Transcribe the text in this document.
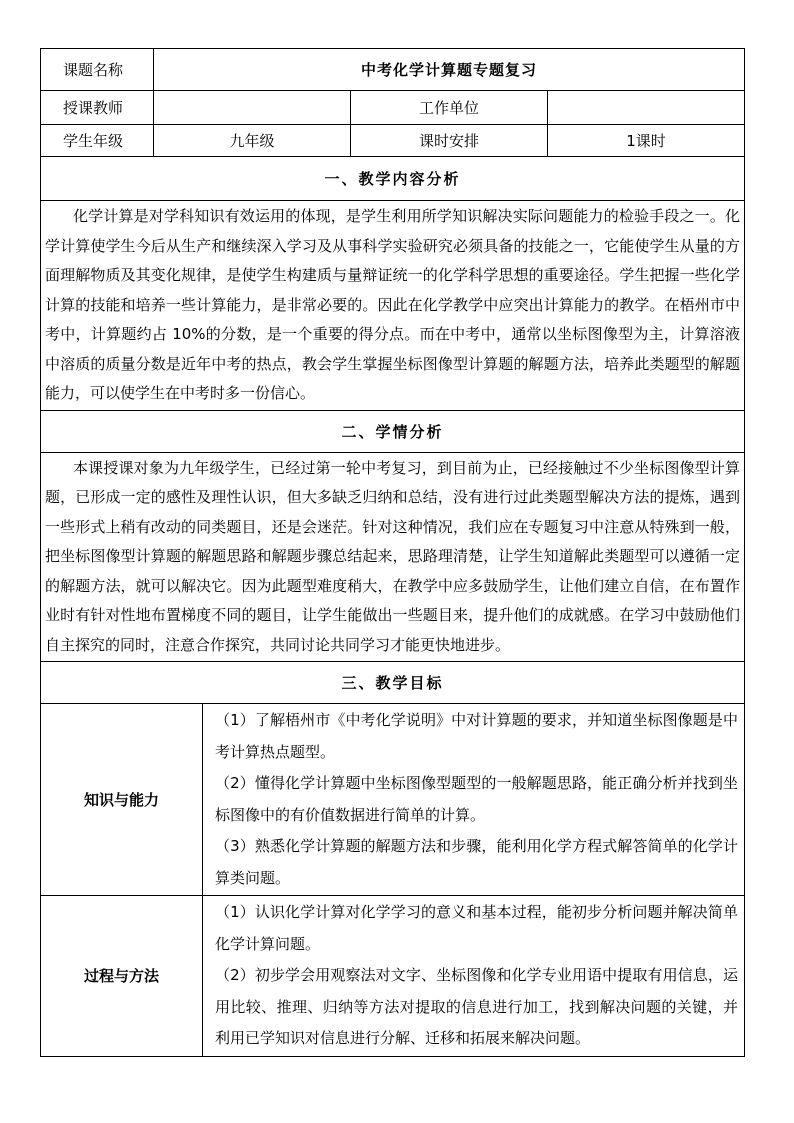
课题名称	中考化学计算题专题复习		
授课教师		工作单位	
学生年级	九年级	课时安排	1课时
一、教学内容分析			
化学计算是对学科知识有效运用的体现，是学生利用所学知识解决实际问题能力的检验手段之一。化学计算使学生今后从生产和继续深入学习及从事科学实验研究必须具备的技能之一，它能使学生从量的方面理解物质及其变化规律，是使学生构建质与量辩证统一的化学科学思想的重要途径。学生把握一些化学计算的技能和培养一些计算能力，是非常必要的。因此在化学教学中应突出计算能力的教学。在梧州市中考中，计算题约占 10%的分数，是一个重要的得分点。而在中考中，通常以坐标图像型为主，计算溶液中溶质的质量分数是近年中考的热点，教会学生掌握坐标图像型计算题的解题方法，培养此类题型的解题能力，可以使学生在中考时多一份信心。			
二、学情分析			
本课授课对象为九年级学生，已经过第一轮中考复习，到目前为止，已经接触过不少坐标图像型计算题，已形成一定的感性及理性认识，但大多缺乏归纳和总结，没有进行过此类题型解决方法的提炼，遇到一些形式上稍有改动的同类题目，还是会迷茫。针对这种情况，我们应在专题复习中注意从特殊到一般，把坐标图像型计算题的解题思路和解题步骤总结起来，思路理清楚，让学生知道解此类题型可以遵循一定的解题方法，就可以解决它。因为此题型难度稍大，在教学中应多鼓励学生，让他们建立自信，在布置作业时有针对性地布置梯度不同的题目，让学生能做出一些题目来，提升他们的成就感。在学习中鼓励他们自主探究的同时，注意合作探究，共同讨论共同学习才能更快地进步。			
三、教学目标			
知识与能力	（1）了解梧州市《中考化学说明》中对计算题的要求，并知道坐标图像题是中考计算热点题型。

（2）懂得化学计算题中坐标图像型题型的一般解题思路，能正确分析并找到坐标图像中的有价值数据进行简单的计算。

（3）熟悉化学计算题的解题方法和步骤，能利用化学方程式解答简单的化学计算类问题。

过程与方法	（1）认识化学计算对化学学习的意义和基本过程，能初步分析问题并解决简单化学计算问题。

（2）初步学会用观察法对文字、坐标图像和化学专业用语中提取有用信息，运用比较、推理、归纳等方法对提取的信息进行加工，找到解决问题的关键，并利用已学知识对信息进行分解、迁移和拓展来解决问题。
